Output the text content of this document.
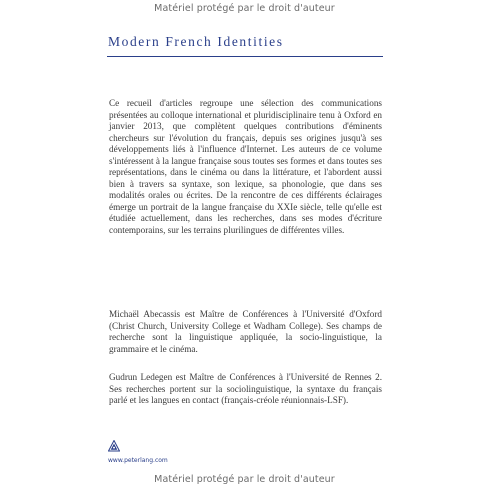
Matériel protégé par le droit d'auteur
Modern French Identities

Ce recueil d'articles regroupe une sélection des communications présentées au colloque international et pluridisciplinaire tenu à Oxford en janvier 2013, que complètent quelques contributions d'éminents chercheurs sur l'évolution du français, depuis ses origines jusqu'à ses développements liés à l'influence d'Internet. Les auteurs de ce volume s'intéressent à la langue française sous toutes ses formes et dans toutes ses représentations, dans le cinéma ou dans la littérature, et l'abordent aussi bien à travers sa syntaxe, son lexique, sa phonologie, que dans ses modalités orales ou écrites. De la rencontre de ces différents éclairages émerge un portrait de la langue française du XXIe siècle, telle qu'elle est étudiée actuellement, dans les recherches, dans ses modes d'écriture contemporains, sur les terrains plurilingues de différentes villes.

Michaël Abecassis est Maître de Conférences à l'Université d'Oxford (Christ Church, University College et Wadham College). Ses champs de recherche sont la linguistique appliquée, la socio-linguistique, la grammaire et le cinéma.

Gudrun Ledegen est Maître de Conférences à l'Université de Rennes 2. Ses recherches portent sur la sociolinguistique, la syntaxe du français parlé et les langues en contact (français-créole réunionnais-LSF).

www.peterlang.com
Matériel protégé par le droit d'auteur
